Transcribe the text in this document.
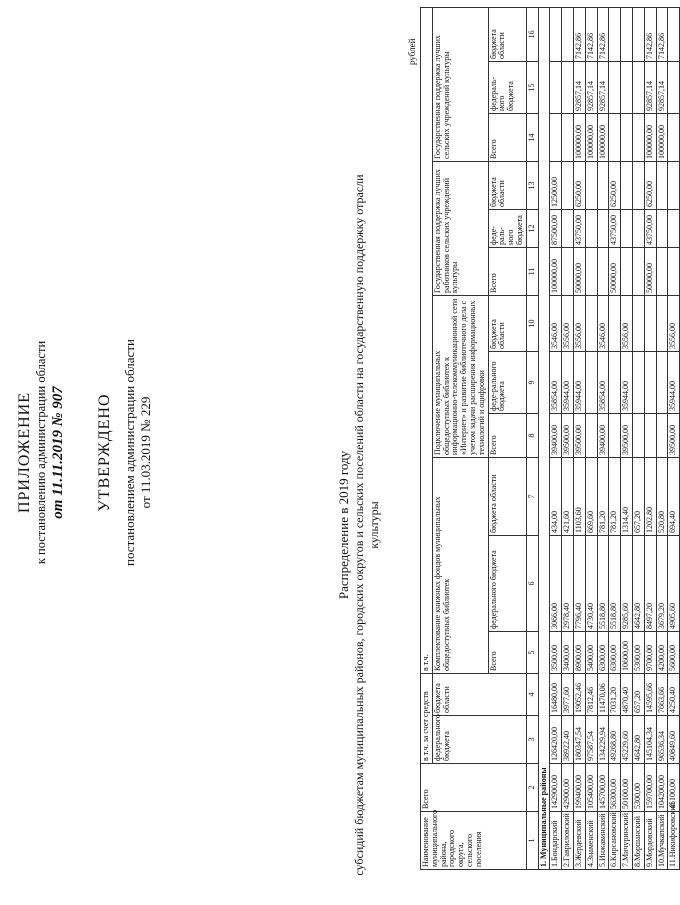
ПРИЛОЖЕНИЕ к постановлению администрации области от 11.11.2019 № 907 УТВЕРЖДЕНО постановлением администрации области от 11.03.2019 № 229	Распределение в 2019 году субсидий бюджетам муниципальных районов, городских округов и сельских поселений области на государственную поддержку отрасли культуры
рублей
Наименование муниципального района, городского округа, сельского поселения	Всего	в т.ч. за счет средств		в т.ч.											
		федерального бюджета	бюджета области	Комплектование книжных фондов муниципальных общедоступных библиотек			Подключение муниципальных общедоступных библиотек к информационно-телекоммуникационной сети «Интернет» и развитие библиотечного дела с учетом задачи расширения информационных технологий и оцифровки			Государственная поддержка лучших работников сельских учреждений культуры			Государственная поддержка лучших сельских учреждений культуры		
				Всего	федерального бюджета	бюджета области	Всего	феде-рального бюджета	бюджета области	Всего	феде-раль-ного бюджета	бюджета области	Всего	федераль-ного бюджета	бюджета области
1	2	3	4	5	6	7	8	9	10	11	12	13	14	15	16
1. Муниципальные районы															
1.Бондарский	142900,00	126420,00	16480,00	3500,00	3066,00	434,00	39400,00	35854,00	3546,00	100000,00	87500,00	12500,00			
2.Гавриловский	42900,00	38922,40	3977,60	3400,00	2978,40	421,60	39500,00	35944,00	3556,00						
3.Жердевский	199400,00	180347,54	19052,46	8900,00	7796,40	1103,60	39500,00	35944,00	3556,00	50000,00	43750,00	6250,00	100000,00	92857,14	7142,86
4.Знаменский	105400,00	97587,54	7812,46	5400,00	4730,40	669,60							100000,00	92857,14	7142,86
5.Инжавинский	145700,00	134229,94	11470,06	6300,00	5518,80	781,20	39400,00	35854,00	3546,00				100000,00	92857,14	7142,86
6.Кирсановский	56300,00	49268,80	7031,20	6300,00	5518,80	781,20				50000,00	43750,00	6250,00			
7.Мичуринский	50100,00	45229,60	4870,40	10600,00	9285,60	1314,40	39500,00	35944,00	3556,00						
8.Моршанский	5300,00	4642,80	657,20	5300,00	4642,80	657,20									
9.Мордовский	159700,00	145104,34	14595,66	9700,00	8497,20	1202,80				50000,00	43750,00	6250,00	100000,00	92857,14	7142,86
10.Мучкапский	104200,00	96536,34	7663,66	4200,00	3679,20	520,80							100000,00	92857,14	7142,86
11.Никифоровский	45100,00	40849,60	4250,40	5600,00	4905,60	694,40	39500,00	35944,00	3556,00						
